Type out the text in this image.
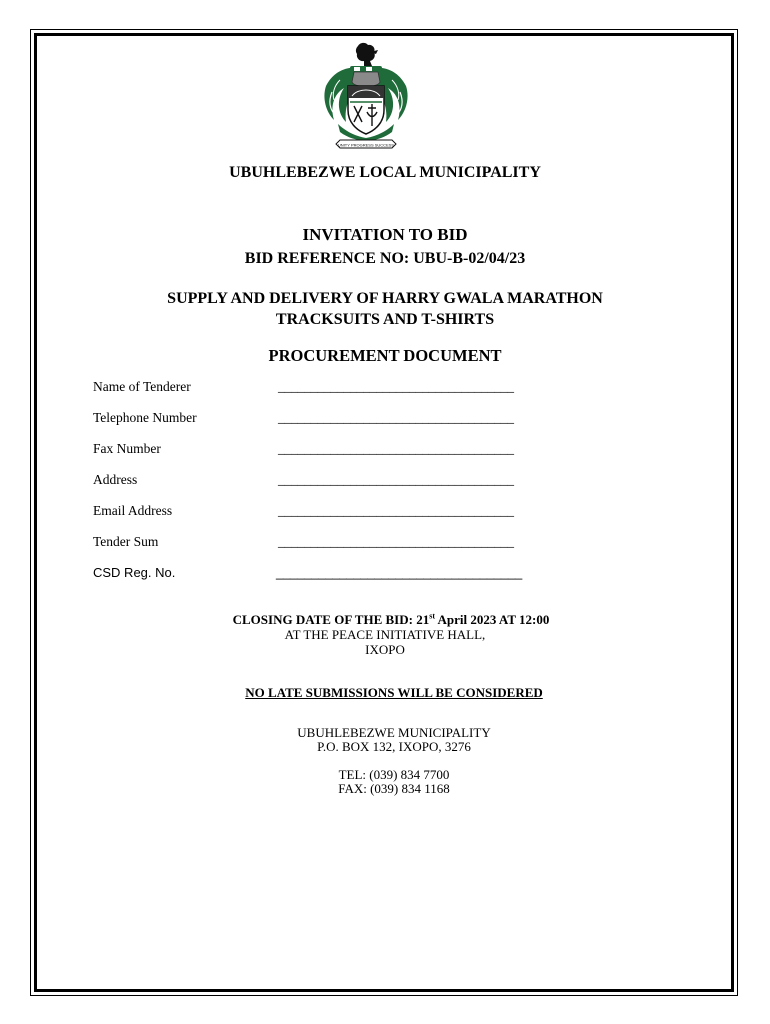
UNITY PROGRESS SUCCESS
UBUHLEBEZWE LOCAL MUNICIPALITY
INVITATION TO BID
BID REFERENCE NO: UBU-B-02/04/23
SUPPLY AND DELIVERY OF HARRY GWALA MARATHON
TRACKSUITS AND T-SHIRTS
PROCUREMENT DOCUMENT
Name of Tenderer	____________________________________
Telephone Number	____________________________________
Fax Number	____________________________________
Address	____________________________________
Email Address	____________________________________
Tender Sum	____________________________________
CSD Reg. No.	___________________________________
CLOSING DATE OF THE BID: 21st April 2023 AT 12:00
AT THE PEACE INITIATIVE HALL,
IXOPO
NO LATE SUBMISSIONS WILL BE CONSIDERED
UBUHLEBEZWE MUNICIPALITY
P.O. BOX 132, IXOPO, 3276
TEL: (039) 834 7700
FAX: (039) 834 1168
